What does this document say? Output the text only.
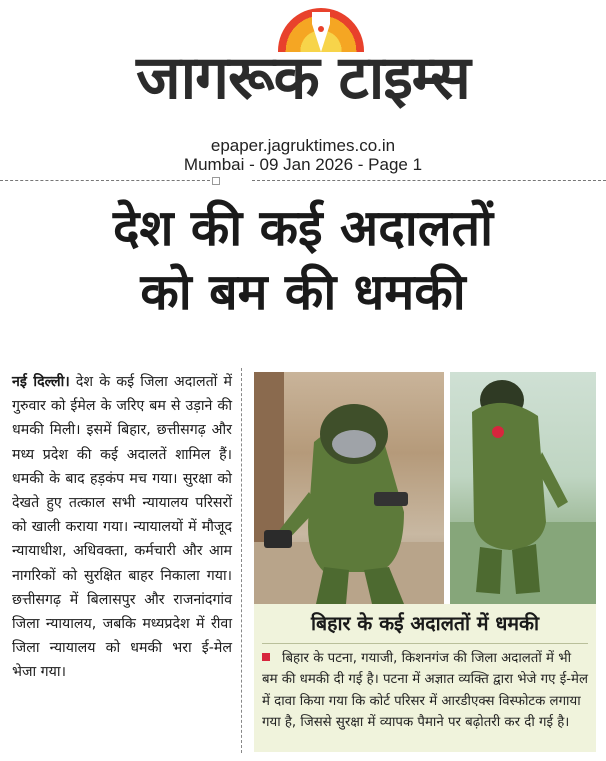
जागरूक टाइम्स
epaper.jagruktimes.co.in
Mumbai - 09 Jan 2026 - Page 1
देश की कई अदालतों
को बम की धमकी
नई दिल्ली। देश के कई जिला अदालतों में गुरुवार को ईमेल के जरिए बम से उड़ाने की धमकी मिली। इसमें बिहार, छत्तीसगढ़ और मध्य प्रदेश की कई अदालतें शामिल हैं। धमकी के बाद हड़कंप मच गया। सुरक्षा को देखते हुए तत्काल सभी न्यायालय परिसरों को खाली कराया गया। न्यायालयों में मौजूद न्यायाधीश, अधिवक्ता, कर्मचारी और आम नागरिकों को सुरक्षित बाहर निकाला गया। छत्तीसगढ़ में बिलासपुर और राजनांदगांव जिला न्यायालय, जबकि मध्यप्रदेश में रीवा जिला न्यायालय को धमकी भरा ई-मेल भेजा गया।
बिहार के कई अदालतों में धमकी
बिहार के पटना, गयाजी, किशनगंज की जिला अदालतों में भी बम की धमकी दी गई है। पटना में अज्ञात व्यक्ति द्वारा भेजे गए ई-मेल में दावा किया गया कि कोर्ट परिसर में आरडीएक्स विस्फोटक लगाया गया है, जिससे सुरक्षा में व्यापक पैमाने पर बढ़ोतरी कर दी गई है।
